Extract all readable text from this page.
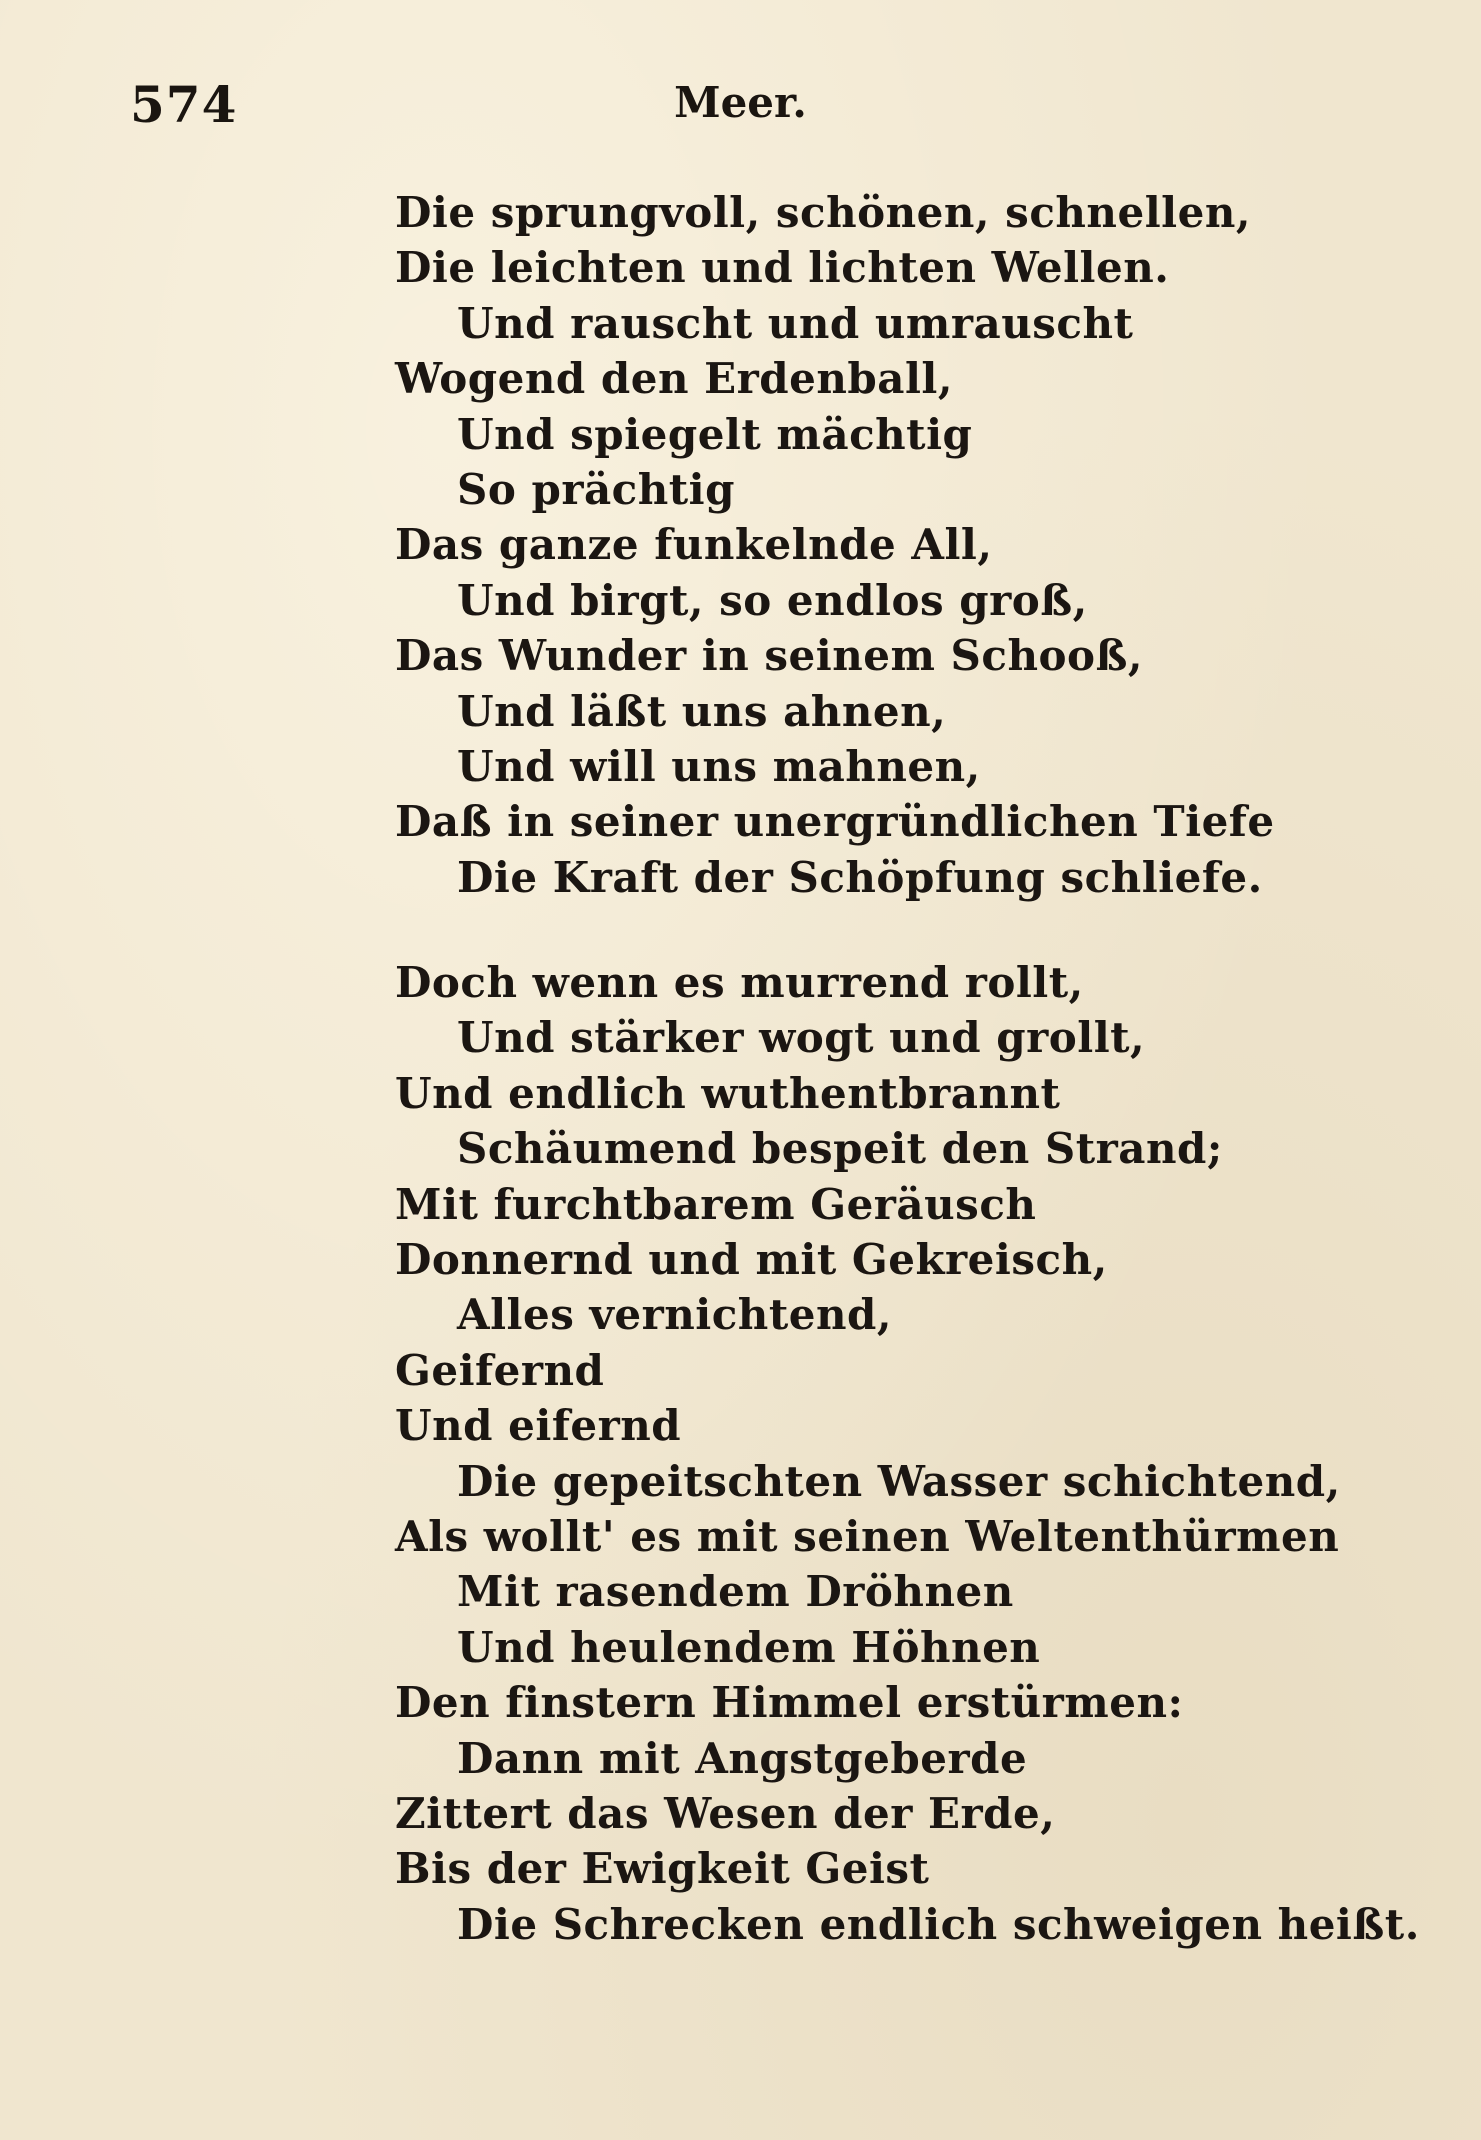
574	Meer.
Die sprungvoll, schönen, schnellen,
Die leichten und lichten Wellen.
Und rauscht und umrauscht
Wogend den Erdenball,
Und spiegelt mächtig
So prächtig
Das ganze funkelnde All,
Und birgt, so endlos groß,
Das Wunder in seinem Schooß,
Und läßt uns ahnen,
Und will uns mahnen,
Daß in seiner unergründlichen Tiefe
Die Kraft der Schöpfung schliefe.
Doch wenn es murrend rollt,
Und stärker wogt und grollt,
Und endlich wuthentbrannt
Schäumend bespeit den Strand;
Mit furchtbarem Geräusch
Donnernd und mit Gekreisch,
Alles vernichtend,
Geifernd
Und eifernd
Die gepeitschten Wasser schichtend,
Als wollt' es mit seinen Weltenthürmen
Mit rasendem Dröhnen
Und heulendem Höhnen
Den finstern Himmel erstürmen:
Dann mit Angstgeberde
Zittert das Wesen der Erde,
Bis der Ewigkeit Geist
Die Schrecken endlich schweigen heißt.
